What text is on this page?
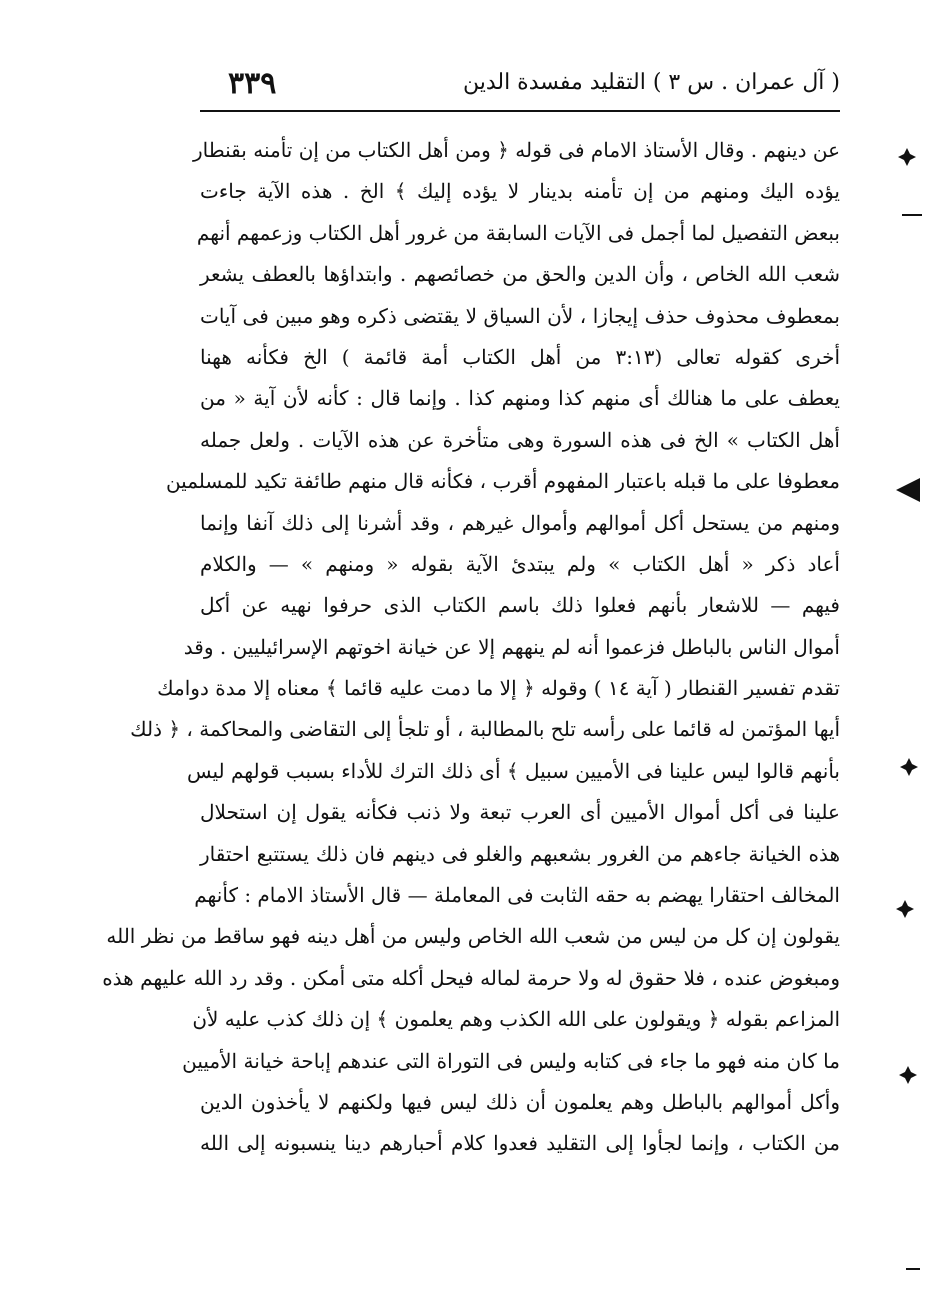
( آل عمران . س ٣ ) التقليد مفسدة الدين
٣٣٩
عن دينهم . وقال الأستاذ الامام فى قوله ﴿ ومن أهل الكتاب من إن تأمنه بقنطار
يؤده اليك ومنهم من إن تأمنه بدينار لا يؤده إليك ﴾ الخ . هذه الآية جاءت
ببعض التفصيل لما أجمل فى الآيات السابقة من غرور أهل الكتاب وزعمهم أنهم
شعب الله الخاص ، وأن الدين والحق من خصائصهم . وابتداؤها بالعطف يشعر
بمعطوف محذوف حذف إيجازا ، لأن السياق لا يقتضى ذكره وهو مبين فى آيات
أخرى كقوله تعالى (٣:١٣ من أهل الكتاب أمة قائمة ) الخ فكأنه ههنا
يعطف على ما هنالك أى منهم كذا ومنهم كذا . وإنما قال : كأنه لأن آية « من
أهل الكتاب » الخ فى هذه السورة وهى متأخرة عن هذه الآيات . ولعل جمله
معطوفا على ما قبله باعتبار المفهوم أقرب ، فكأنه قال منهم طائفة تكيد للمسلمين
ومنهم من يستحل أكل أموالهم وأموال غيرهم ، وقد أشرنا إلى ذلك آنفا وإنما
أعاد ذكر « أهل الكتاب » ولم يبتدئ الآية بقوله « ومنهم » — والكلام
فيهم — للاشعار بأنهم فعلوا ذلك باسم الكتاب الذى حرفوا نهيه عن أكل
أموال الناس بالباطل فزعموا أنه لم ينههم إلا عن خيانة اخوتهم الإسرائيليين . وقد
تقدم تفسير القنطار ( آية ١٤ ) وقوله ﴿ إلا ما دمت عليه قائما ﴾ معناه إلا مدة دوامك
أيها المؤتمن له قائما على رأسه تلح بالمطالبة ، أو تلجأ إلى التقاضى والمحاكمة ، ﴿ ذلك
بأنهم قالوا ليس علينا فى الأميين سبيل ﴾ أى ذلك الترك للأداء بسبب قولهم ليس
علينا فى أكل أموال الأميين أى العرب تبعة ولا ذنب فكأنه يقول إن استحلال
هذه الخيانة جاءهم من الغرور بشعبهم والغلو فى دينهم فان ذلك يستتبع احتقار
المخالف احتقارا يهضم به حقه الثابت فى المعاملة — قال الأستاذ الامام : كأنهم
يقولون إن كل من ليس من شعب الله الخاص وليس من أهل دينه فهو ساقط من نظر الله
ومبغوض عنده ، فلا حقوق له ولا حرمة لماله فيحل أكله متى أمكن . وقد رد الله عليهم هذه
المزاعم بقوله ﴿ ويقولون على الله الكذب وهم يعلمون ﴾ إن ذلك كذب عليه لأن
ما كان منه فهو ما جاء فى كتابه وليس فى التوراة التى عندهم إباحة خيانة الأميين
وأكل أموالهم بالباطل وهم يعلمون أن ذلك ليس فيها ولكنهم لا يأخذون الدين
من الكتاب ، وإنما لجأوا إلى التقليد فعدوا كلام أحبارهم دينا ينسبونه إلى الله
